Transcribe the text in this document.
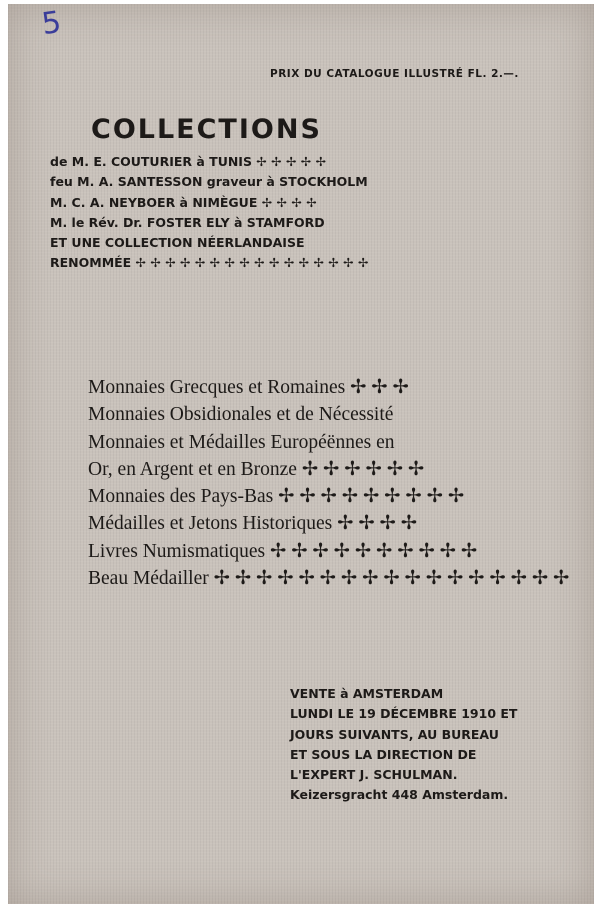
5
PRIX DU CATALOGUE ILLUSTRÉ FL. 2.—.
COLLECTIONS
de M. E. COUTURIER à TUNIS ✢ ✢ ✢ ✢ ✢
feu M. A. SANTESSON graveur à STOCKHOLM
M. C. A. NEYBOER à NIMÈGUE ✢ ✢ ✢ ✢
M. le Rév. Dr. FOSTER ELY à STAMFORD
ET UNE COLLECTION NÉERLANDAISE
RENOMMÉE ✢ ✢ ✢ ✢ ✢ ✢ ✢ ✢ ✢ ✢ ✢ ✢ ✢ ✢ ✢ ✢
Monnaies Grecques et Romaines ✢ ✢ ✢
Monnaies Obsidionales et de Nécessité
Monnaies et Médailles Européënnes en
Or, en Argent et en Bronze ✢ ✢ ✢ ✢ ✢ ✢
Monnaies des Pays-Bas ✢ ✢ ✢ ✢ ✢ ✢ ✢ ✢ ✢
Médailles et Jetons Historiques ✢ ✢ ✢ ✢
Livres Numismatiques ✢ ✢ ✢ ✢ ✢ ✢ ✢ ✢ ✢ ✢
Beau Médailler ✢ ✢ ✢ ✢ ✢ ✢ ✢ ✢ ✢ ✢ ✢ ✢ ✢ ✢ ✢ ✢ ✢
VENTE à AMSTERDAM
LUNDI LE 19 DÉCEMBRE 1910 ET
JOURS SUIVANTS, AU BUREAU
ET SOUS LA DIRECTION DE
L'EXPERT J. SCHULMAN.
Keizersgracht 448 Amsterdam.
